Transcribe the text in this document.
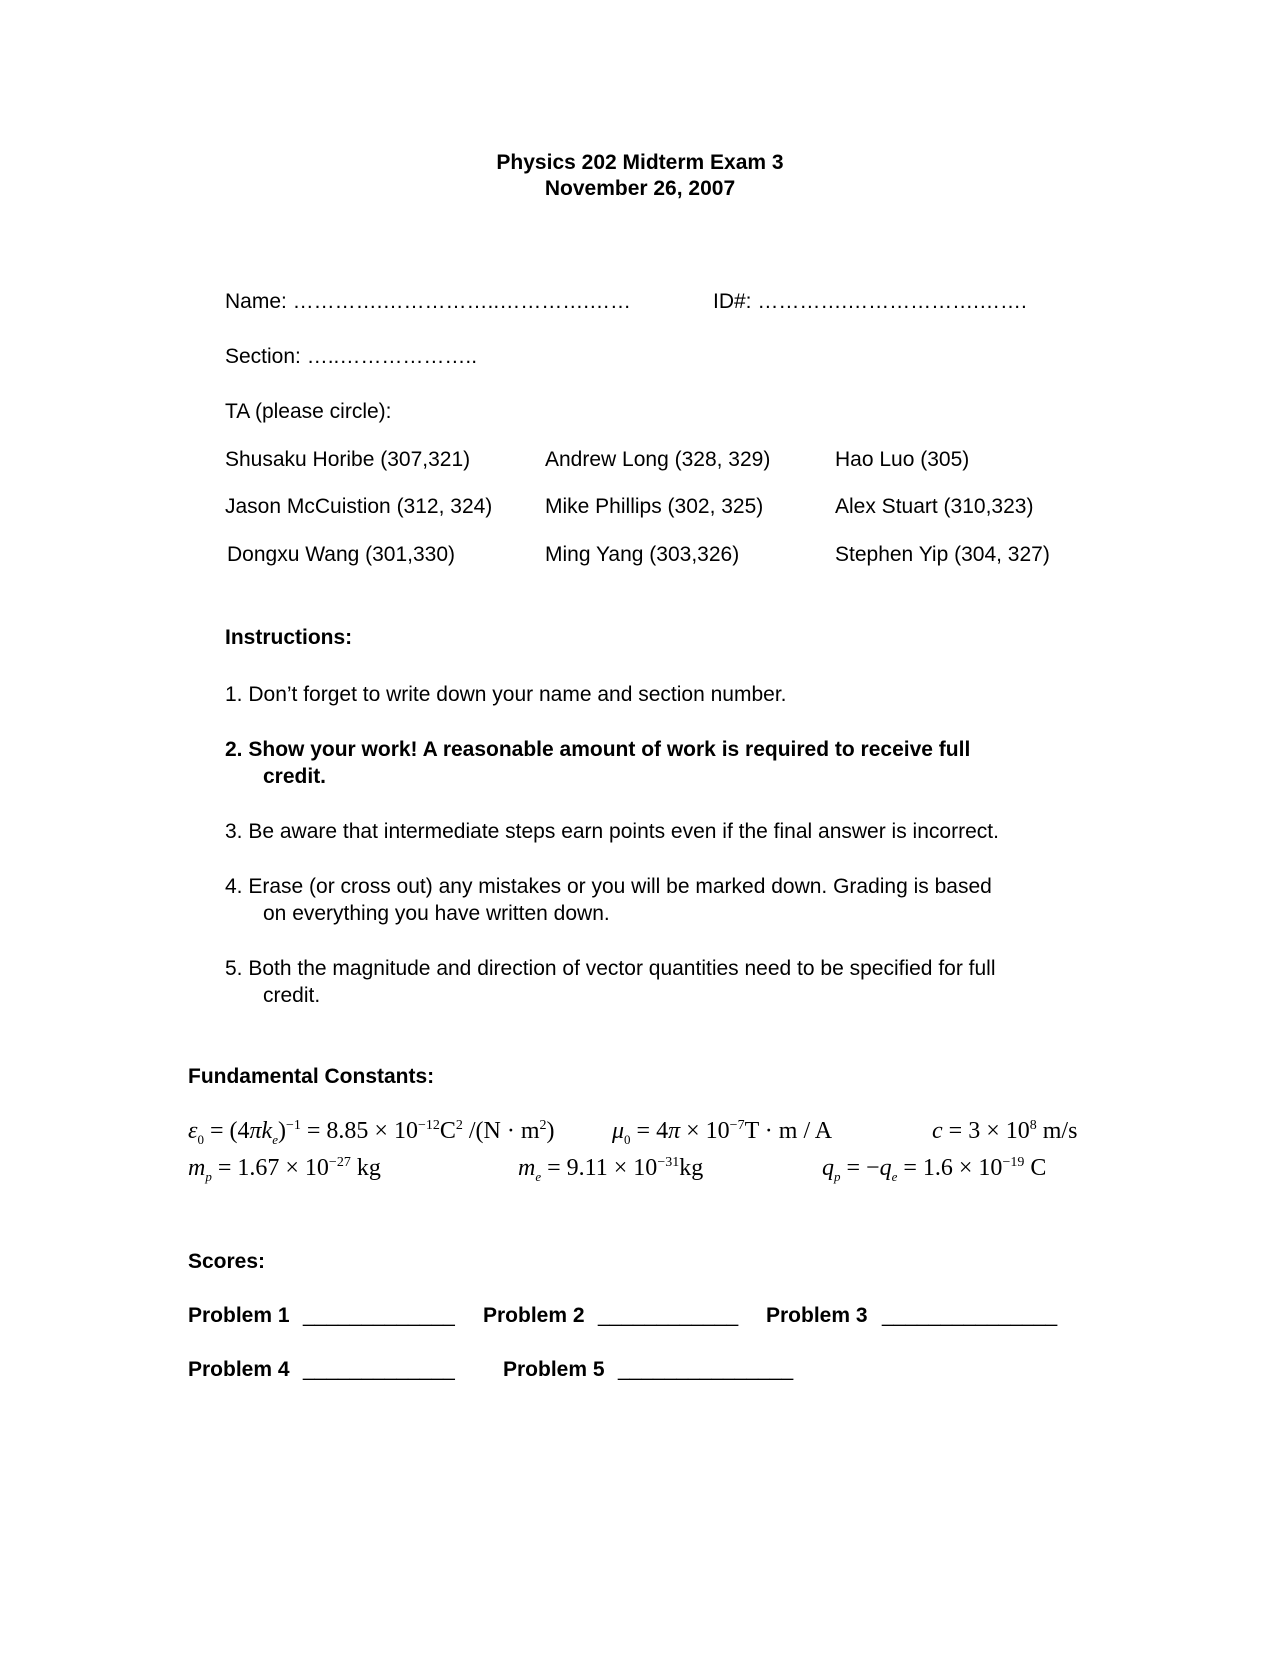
Physics 202 Midterm Exam 3
November 26, 2007
Name: ………….……………..………….……	ID#: ………….……………….…….
Section: …..………………..
TA (please circle):
Shusaku Horibe (307,321)	Andrew Long (328, 329)	Hao Luo (305)
Jason McCuistion (312, 324)	Mike Phillips (302, 325)	Alex Stuart (310,323)
Dongxu Wang (301,330)	Ming Yang (303,326)	Stephen Yip (304, 327)
Instructions:
1. Don’t forget to write down your name and section number.
2. Show your work! A reasonable amount of work is required to receive full
credit.
3. Be aware that intermediate steps earn points even if the final answer is incorrect.
4. Erase (or cross out) any mistakes or you will be marked down. Grading is based
on everything you have written down.
5. Both the magnitude and direction of vector quantities need to be specified for full
credit.
Fundamental Constants:
$\varepsilon_0 = (4\pi k_e)^{-1} = 8.85 \times 10^{-12}C^2$ $/(N \cdot m^2)$ $\mu_0 = 4\pi \times 10^{-7}T \cdot m / A$	$c = 3 \times 10^8$ m/s
$m_p = 1.67 \times 10^{-27}$ kg	$m_e = 9.11 \times 10^{-31}kg$	$q_p = -q_e = 1.6 \times 10^{-19}$ C
Scores:
Problem 1 _____________ Problem 2 ____________ Problem 3 _______________
Problem 4 _____________ Problem 5 _______________
